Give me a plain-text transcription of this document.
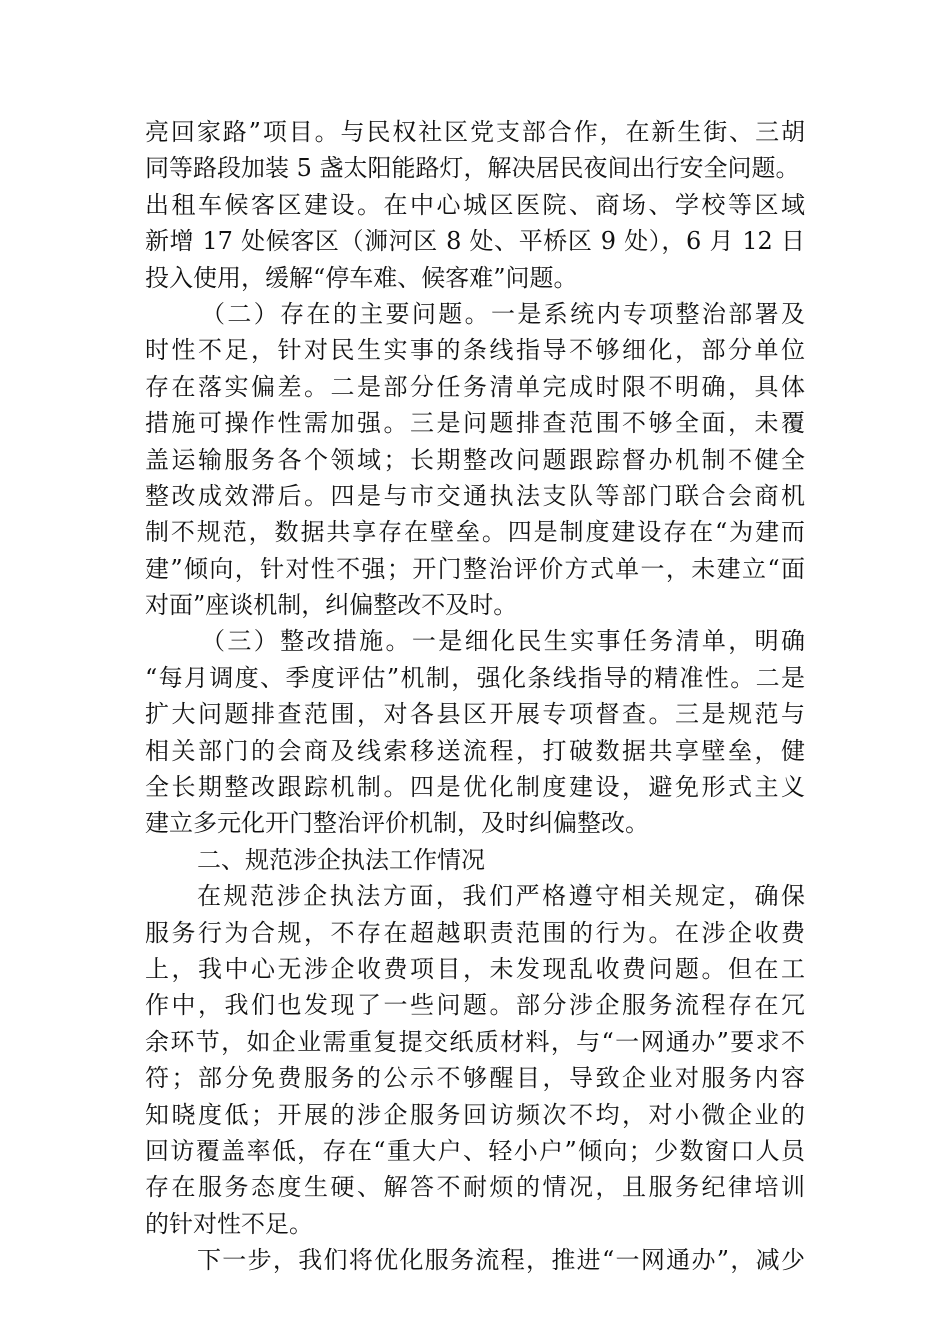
亮回家路”项目。与民权社区党支部合作，在新生街、三胡
同等路段加装 5 盏太阳能路灯，解决居民夜间出行安全问题。
出租车候客区建设。在中心城区医院、商场、学校等区域
新增 17 处候客区（浉河区 8 处、平桥区 9 处），6 月 12 日
投入使用，缓解“停车难、候客难”问题。
（二）存在的主要问题。一是系统内专项整治部署及
时性不足，针对民生实事的条线指导不够细化，部分单位
存在落实偏差。二是部分任务清单完成时限不明确，具体
措施可操作性需加强。三是问题排查范围不够全面，未覆
盖运输服务各个领域；长期整改问题跟踪督办机制不健全
整改成效滞后。四是与市交通执法支队等部门联合会商机
制不规范，数据共享存在壁垒。四是制度建设存在“为建而
建”倾向，针对性不强；开门整治评价方式单一，未建立“面
对面”座谈机制，纠偏整改不及时。
（三）整改措施。一是细化民生实事任务清单，明确
“每月调度、季度评估”机制，强化条线指导的精准性。二是
扩大问题排查范围，对各县区开展专项督查。三是规范与
相关部门的会商及线索移送流程，打破数据共享壁垒，健
全长期整改跟踪机制。四是优化制度建设，避免形式主义
建立多元化开门整治评价机制，及时纠偏整改。
二、规范涉企执法工作情况
在规范涉企执法方面，我们严格遵守相关规定，确保
服务行为合规，不存在超越职责范围的行为。在涉企收费
上，我中心无涉企收费项目，未发现乱收费问题。但在工
作中，我们也发现了一些问题。部分涉企服务流程存在冗
余环节，如企业需重复提交纸质材料，与“一网通办”要求不
符；部分免费服务的公示不够醒目，导致企业对服务内容
知晓度低；开展的涉企服务回访频次不均，对小微企业的
回访覆盖率低，存在“重大户、轻小户”倾向；少数窗口人员
存在服务态度生硬、解答不耐烦的情况，且服务纪律培训
的针对性不足。
下一步，我们将优化服务流程，推进“一网通办”，减少
